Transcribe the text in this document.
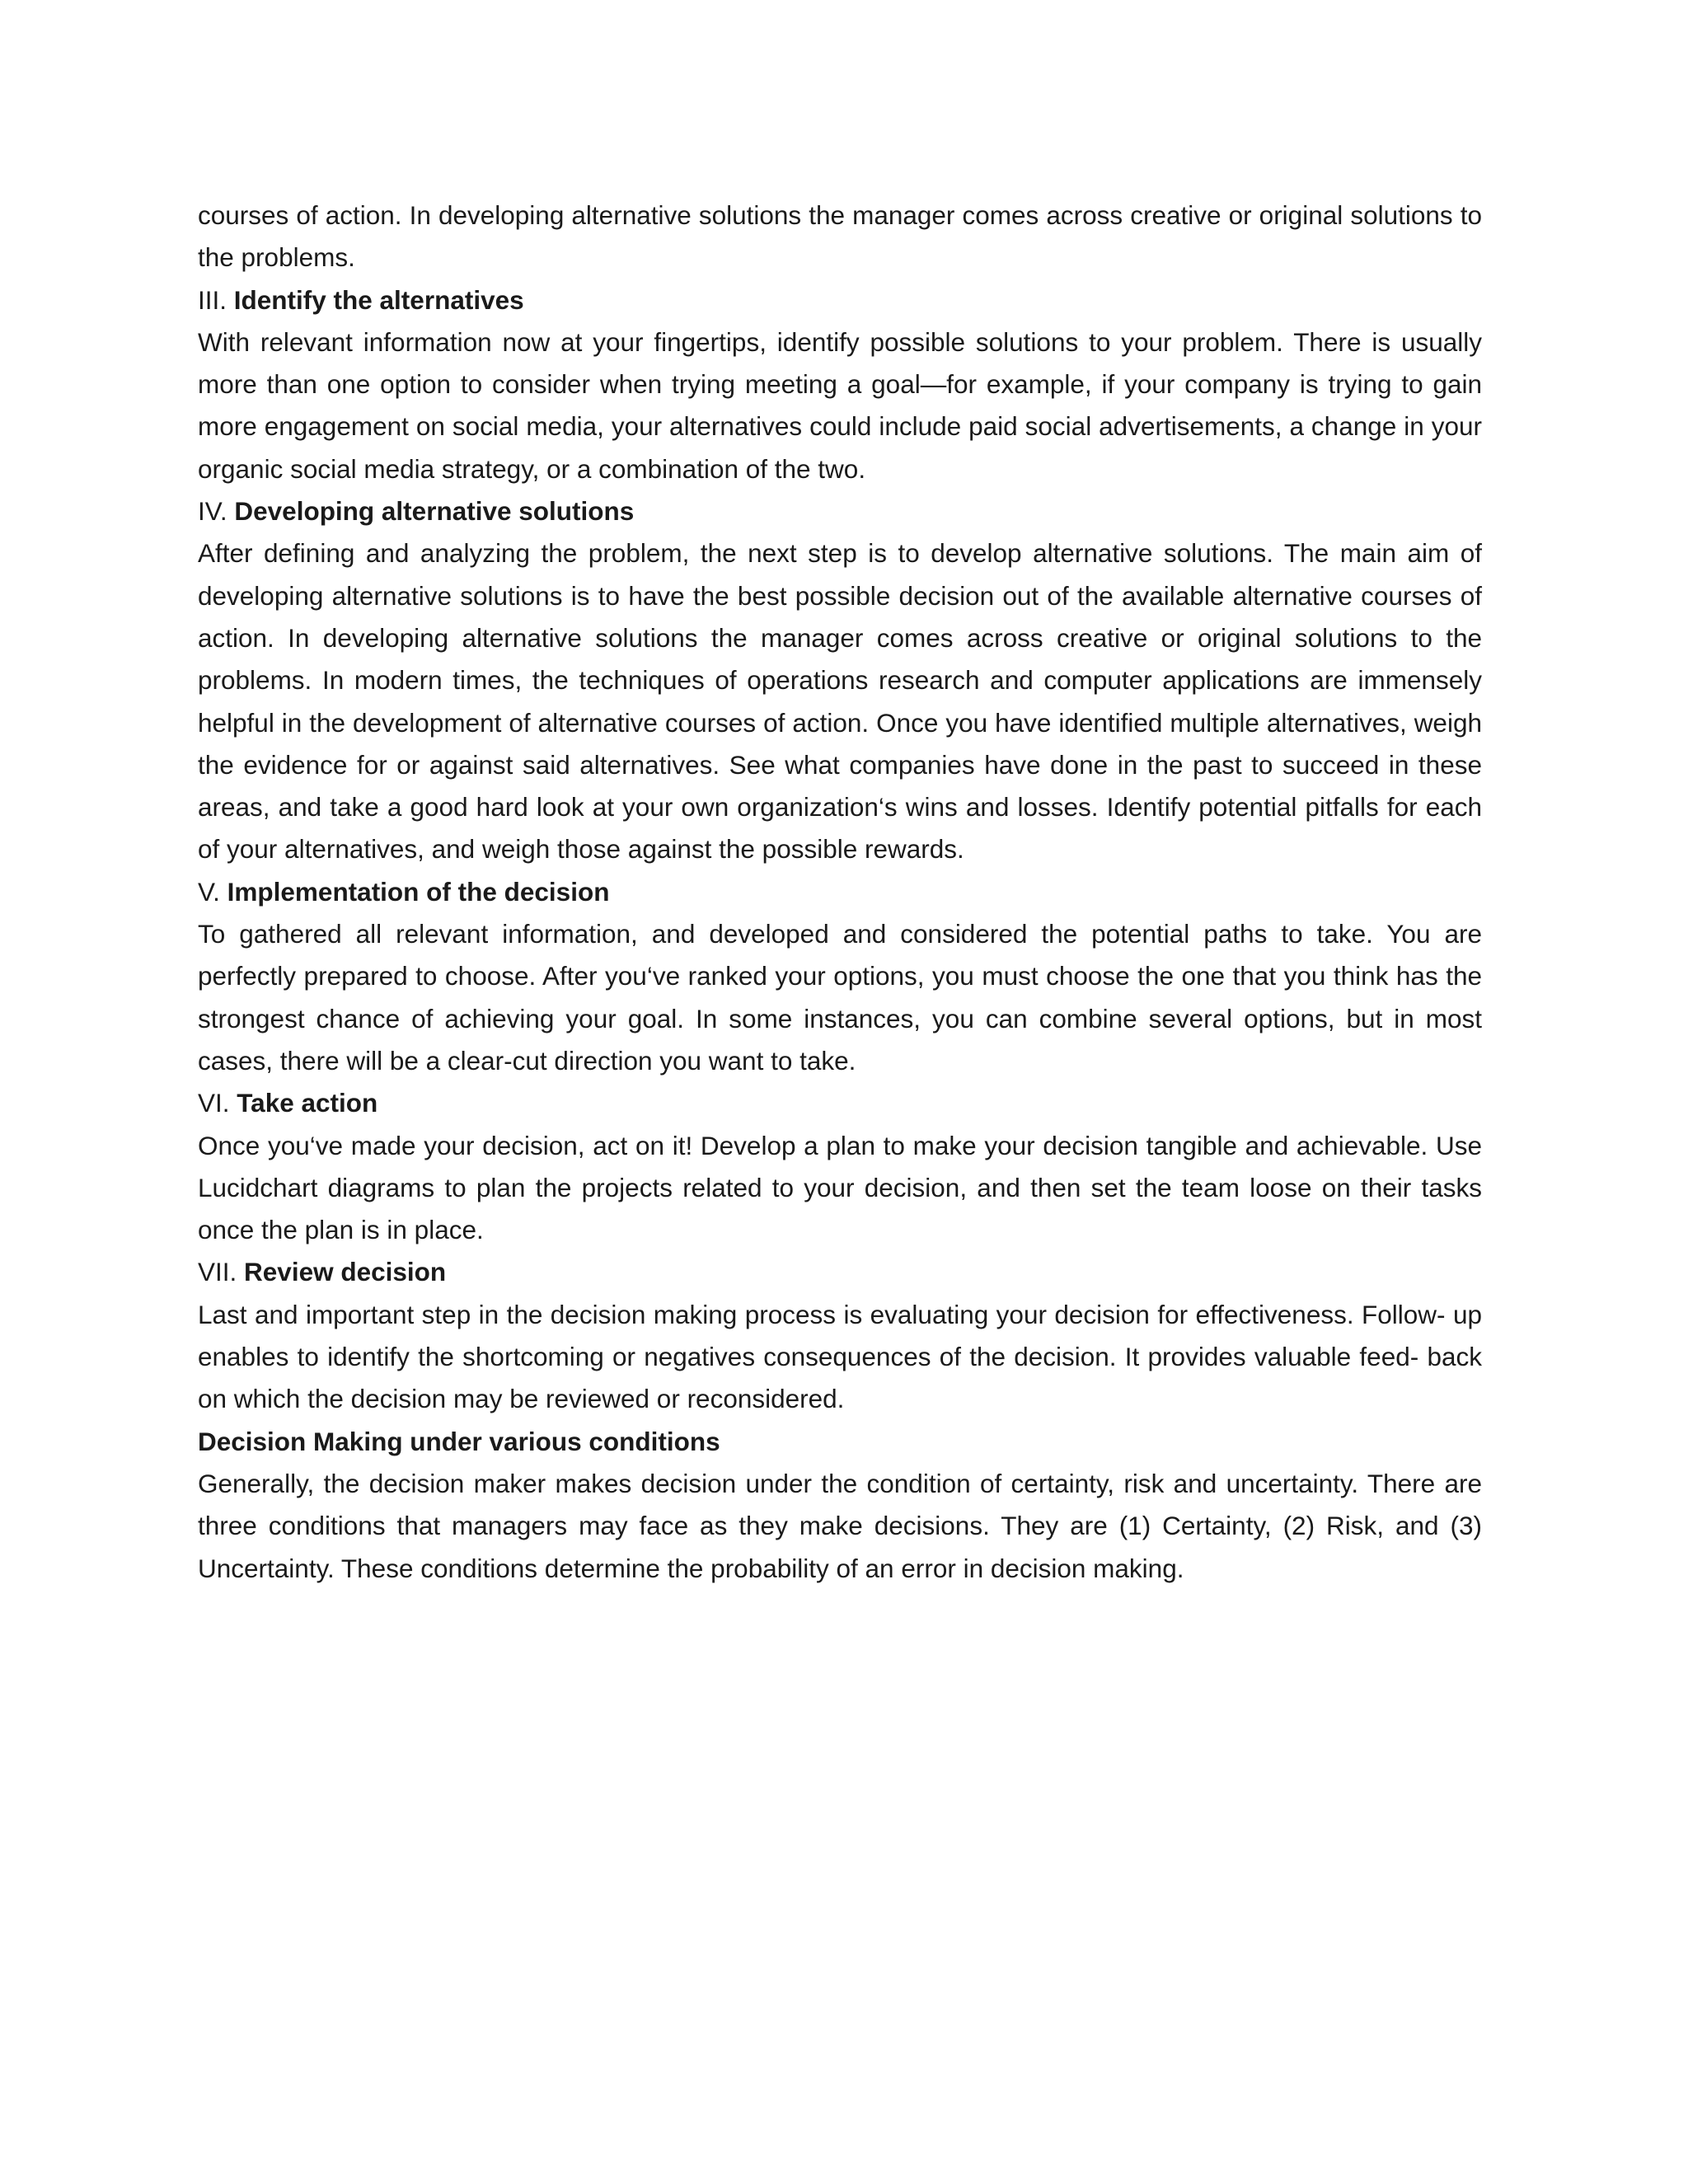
courses of action. In developing alternative solutions the manager comes across creative or original solutions to the problems.

III. Identify the alternatives

With relevant information now at your fingertips, identify possible solutions to your problem. There is usually more than one option to consider when trying meeting a goal—for example, if your company is trying to gain more engagement on social media, your alternatives could include paid social advertisements, a change in your organic social media strategy, or a combination of the two.

IV. Developing alternative solutions

After defining and analyzing the problem, the next step is to develop alternative solutions. The main aim of developing alternative solutions is to have the best possible decision out of the available alternative courses of action. In developing alternative solutions the manager comes across creative or original solutions to the problems. In modern times, the techniques of operations research and computer applications are immensely helpful in the development of alternative courses of action. Once you have identified multiple alternatives, weigh the evidence for or against said alternatives. See what companies have done in the past to succeed in these areas, and take a good hard look at your own organization‘s wins and losses. Identify potential pitfalls for each of your alternatives, and weigh those against the possible rewards.

V. Implementation of the decision

To gathered all relevant information, and developed and considered the potential paths to take. You are perfectly prepared to choose. After you‘ve ranked your options, you must choose the one that you think has the strongest chance of achieving your goal. In some instances, you can combine several options, but in most cases, there will be a clear-cut direction you want to take.

VI. Take action

Once you‘ve made your decision, act on it! Develop a plan to make your decision tangible and achievable. Use Lucidchart diagrams to plan the projects related to your decision, and then set the team loose on their tasks once the plan is in place.

VII. Review decision

Last and important step in the decision making process is evaluating your decision for effectiveness. Follow- up enables to identify the shortcoming or negatives consequences of the decision. It provides valuable feed- back on which the decision may be reviewed or reconsidered.

Decision Making under various conditions

Generally, the decision maker makes decision under the condition of certainty, risk and uncertainty. There are three conditions that managers may face as they make decisions. They are (1) Certainty, (2) Risk, and (3) Uncertainty. These conditions determine the probability of an error in decision making.
